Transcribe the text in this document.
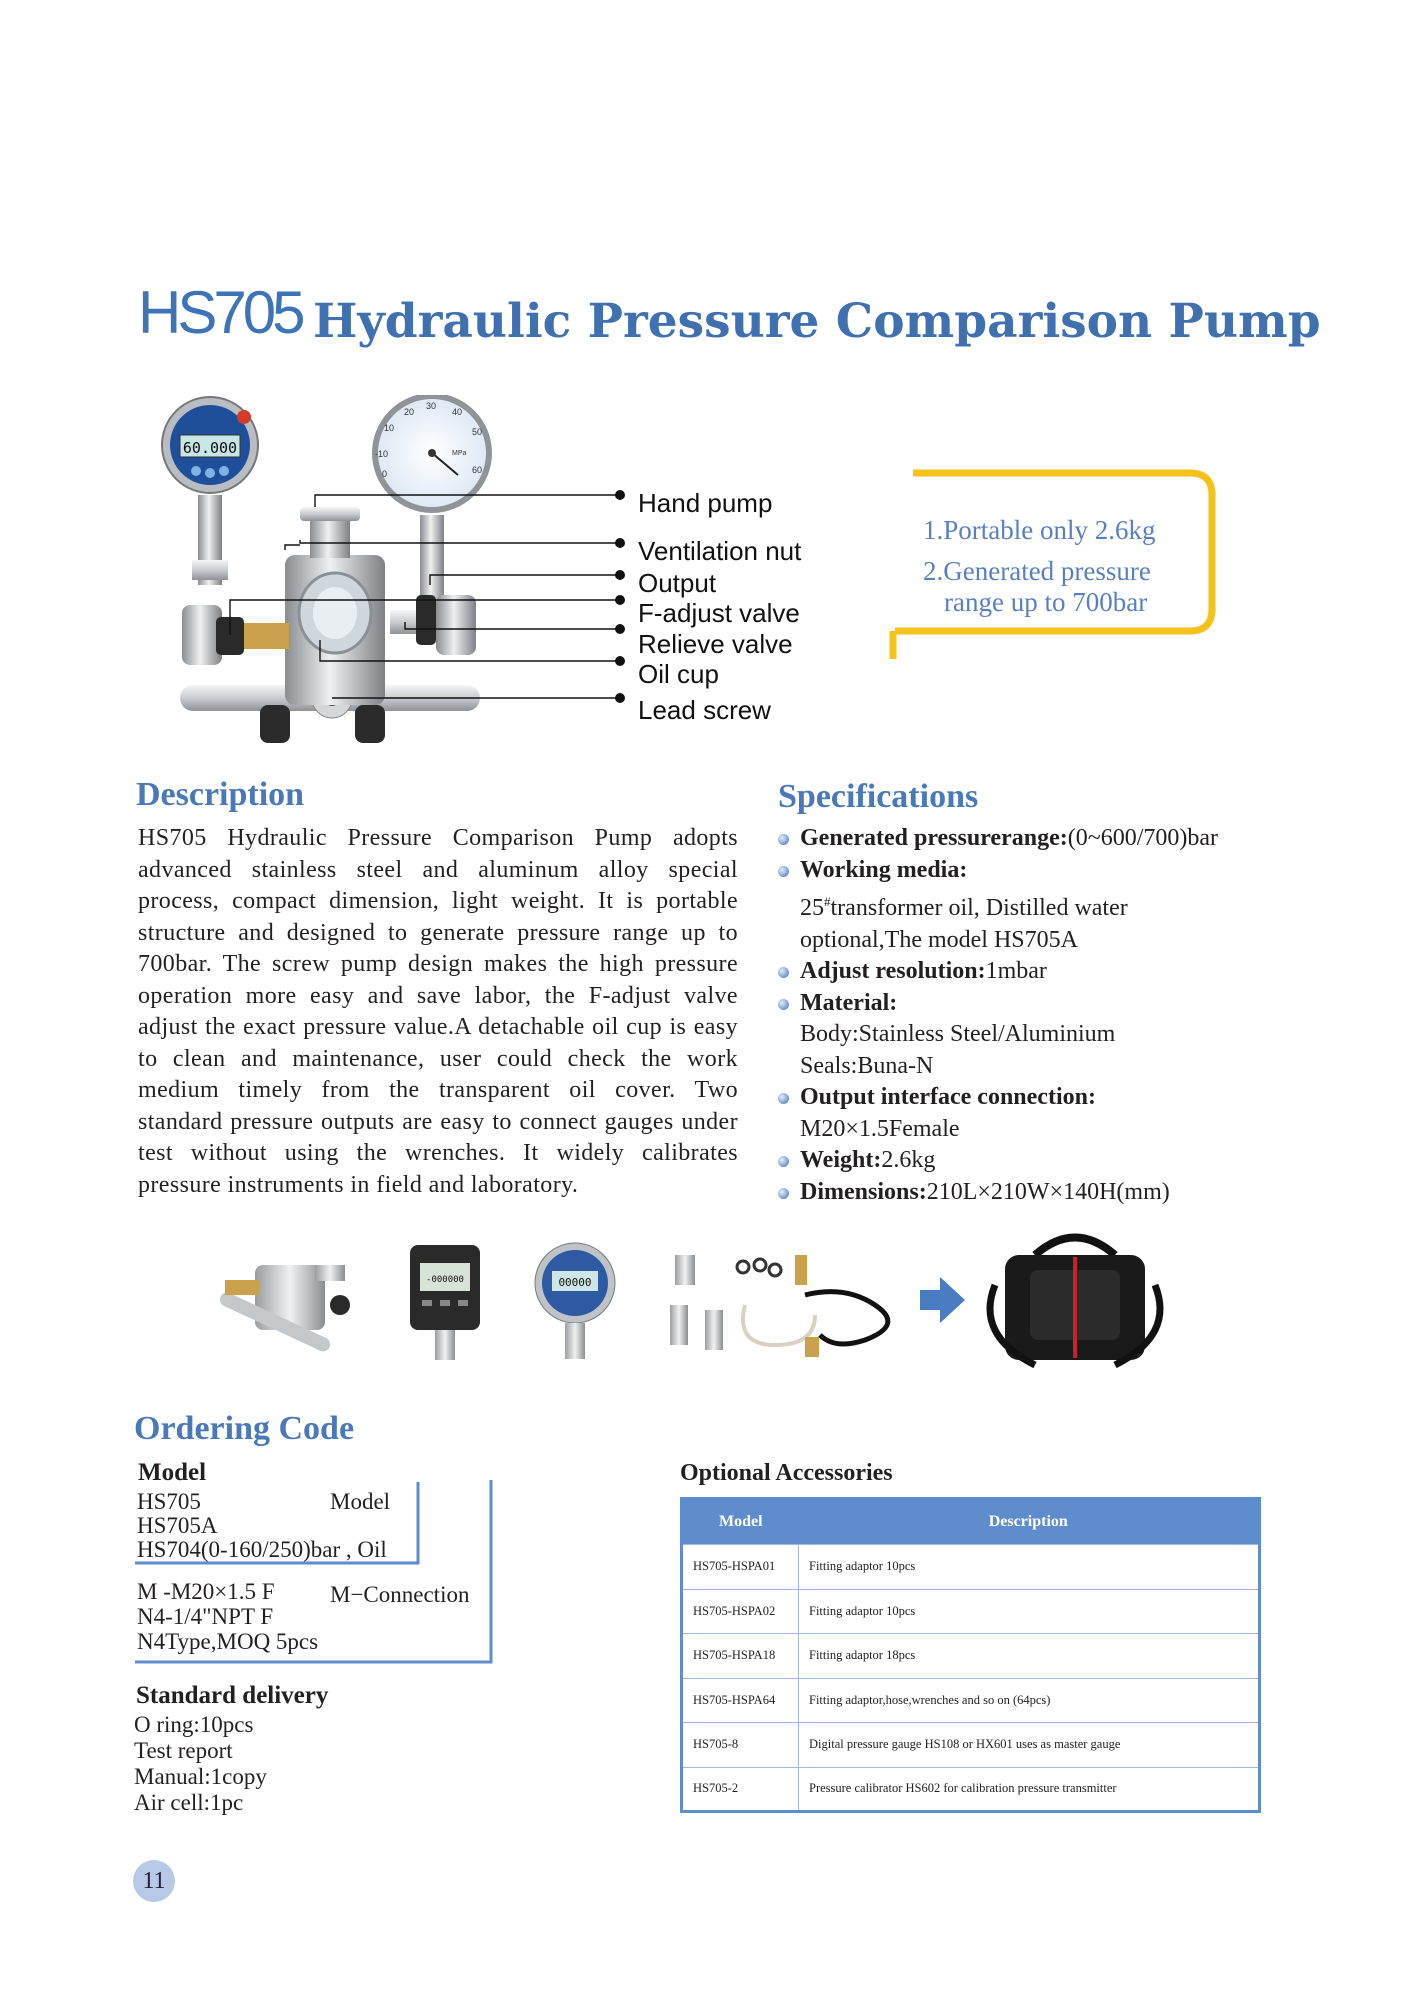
HS705 Hydraulic Pressure Comparison Pump
60.000
0
-10
10
20
30
40
50
60
MPa
Hand pump
Ventilation nut
Output
F-adjust valve
Relieve valve
Oil cup
Lead screw
1.Portable only 2.6kg
2.Generated pressure
range up to 700bar
Description
HS705 Hydraulic Pressure Comparison Pump adopts advanced stainless steel and aluminum alloy special process, compact dimension, light weight. It is portable structure and designed to generate pressure range up to 700bar. The screw pump design makes the high pressure operation more easy and save labor, the F-adjust valve adjust the exact pressure value.A detachable oil cup is easy to clean and maintenance, user could check the work medium timely from the transparent oil cover. Two standard pressure outputs are easy to connect gauges under test without using the wrenches. It widely calibrates pressure instruments in field and laboratory.
Specifications
Generated pressurerange:(0~600/700)bar
Working media:
25#transformer oil, Distilled water
optional,The model HS705A
Adjust resolution:1mbar
Material:
Body:Stainless Steel/Aluminium
Seals:Buna-N
Output interface connection:
M20×1.5Female
Weight:2.6kg
Dimensions:210L×210W×140H(mm)
-000000	00000
Ordering Code
Model
HS705
HS705A
HS704(0-160/250)bar , Oil
Model
M -M20×1.5 F
N4-1/4"NPT F
N4Type,MOQ 5pcs
M−Connection
Standard delivery
O ring:10pcs
Test report
Manual:1copy
Air cell:1pc
Optional Accessories
Model	Description
HS705-HSPA01	Fitting adaptor 10pcs
HS705-HSPA02	Fitting adaptor 10pcs
HS705-HSPA18	Fitting adaptor 18pcs
HS705-HSPA64	Fitting adaptor,hose,wrenches and so on (64pcs)
HS705-8	Digital pressure gauge HS108 or HX601 uses as master gauge
HS705-2	Pressure calibrator HS602 for calibration pressure transmitter
11
